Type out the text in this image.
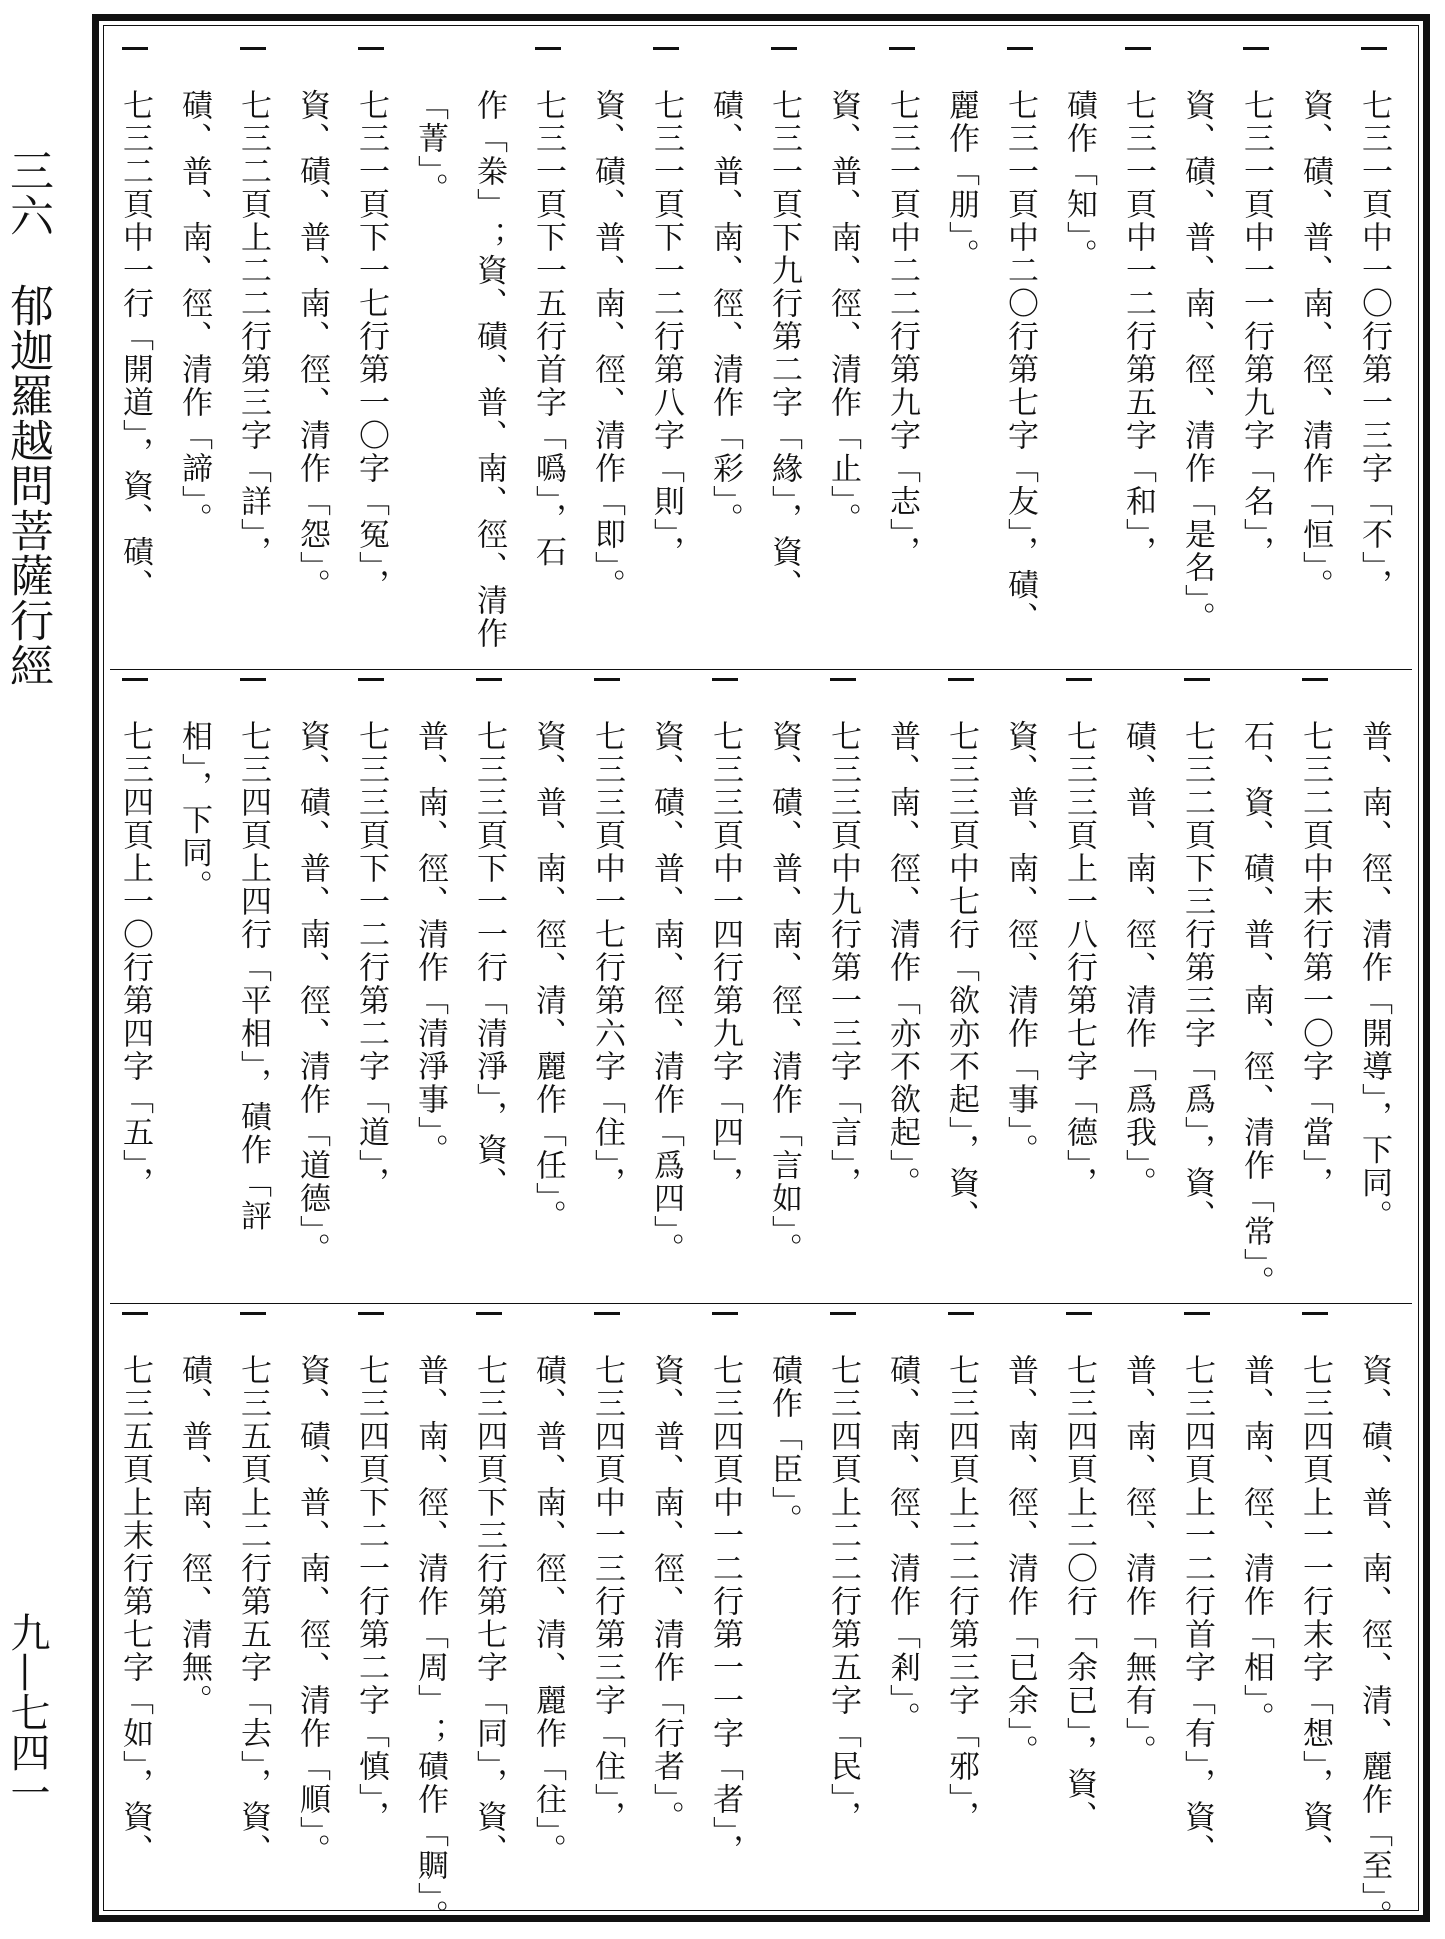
三六　郁迦羅越問菩薩行經
九—七四一
七三一頁中一〇行第一三字「不」，
資、磧、普、南、徑、清作「恒」。
七三一頁中一一行第九字「名」，
資、磧、普、南、徑、清作「是名」。
七三一頁中一二行第五字「和」，
磧作「知」。
七三一頁中二〇行第七字「友」，磧、
麗作「朋」。
七三一頁中二二行第九字「志」，
資、普、南、徑、清作「止」。
七三一頁下九行第二字「緣」，資、
磧、普、南、徑、清作「彩」。
七三一頁下一二行第八字「則」，
資、磧、普、南、徑、清作「即」。
七三一頁下一五行首字「噅」，石
作「桊」；資、磧、普、南、徑、清作
「菁」。
七三一頁下一七行第一〇字「冤」，
資、磧、普、南、徑、清作「怨」。
七三二頁上二二行第三字「詳」，
磧、普、南、徑、清作「諦」。
七三二頁中一行「開道」，資、磧、
普、南、徑、清作「開導」，下同。
七三二頁中末行第一〇字「當」，
石、資、磧、普、南、徑、清作「常」。
七三二頁下三行第三字「爲」，資、
磧、普、南、徑、清作「爲我」。
七三三頁上一八行第七字「德」，
資、普、南、徑、清作「事」。
七三三頁中七行「欲亦不起」，資、
普、南、徑、清作「亦不欲起」。
七三三頁中九行第一三字「言」，
資、磧、普、南、徑、清作「言如」。
七三三頁中一四行第九字「四」，
資、磧、普、南、徑、清作「爲四」。
七三三頁中一七行第六字「住」，
資、普、南、徑、清、麗作「任」。
七三三頁下一一行「清淨」，資、
普、南、徑、清作「清淨事」。
七三三頁下一二行第二字「道」，
資、磧、普、南、徑、清作「道德」。
七三四頁上四行「平相」，磧作「評
相」，下同。
七三四頁上一〇行第四字「五」，
資、磧、普、南、徑、清、麗作「至」。
七三四頁上一一行末字「想」，資、
普、南、徑、清作「相」。
七三四頁上一二行首字「有」，資、
普、南、徑、清作「無有」。
七三四頁上二〇行「余已」，資、
普、南、徑、清作「已余」。
七三四頁上二二行第三字「邪」，
磧、南、徑、清作「剎」。
七三四頁上二二行第五字「民」，
磧作「臣」。
七三四頁中一二行第一一字「者」，
資、普、南、徑、清作「行者」。
七三四頁中一三行第三字「住」，
磧、普、南、徑、清、麗作「往」。
七三四頁下三行第七字「同」，資、
普、南、徑、清作「周」；磧作「賙」。
七三四頁下二一行第二字「慎」，
資、磧、普、南、徑、清作「順」。
七三五頁上二行第五字「去」，資、
磧、普、南、徑、清無。
七三五頁上末行第七字「如」，資、
